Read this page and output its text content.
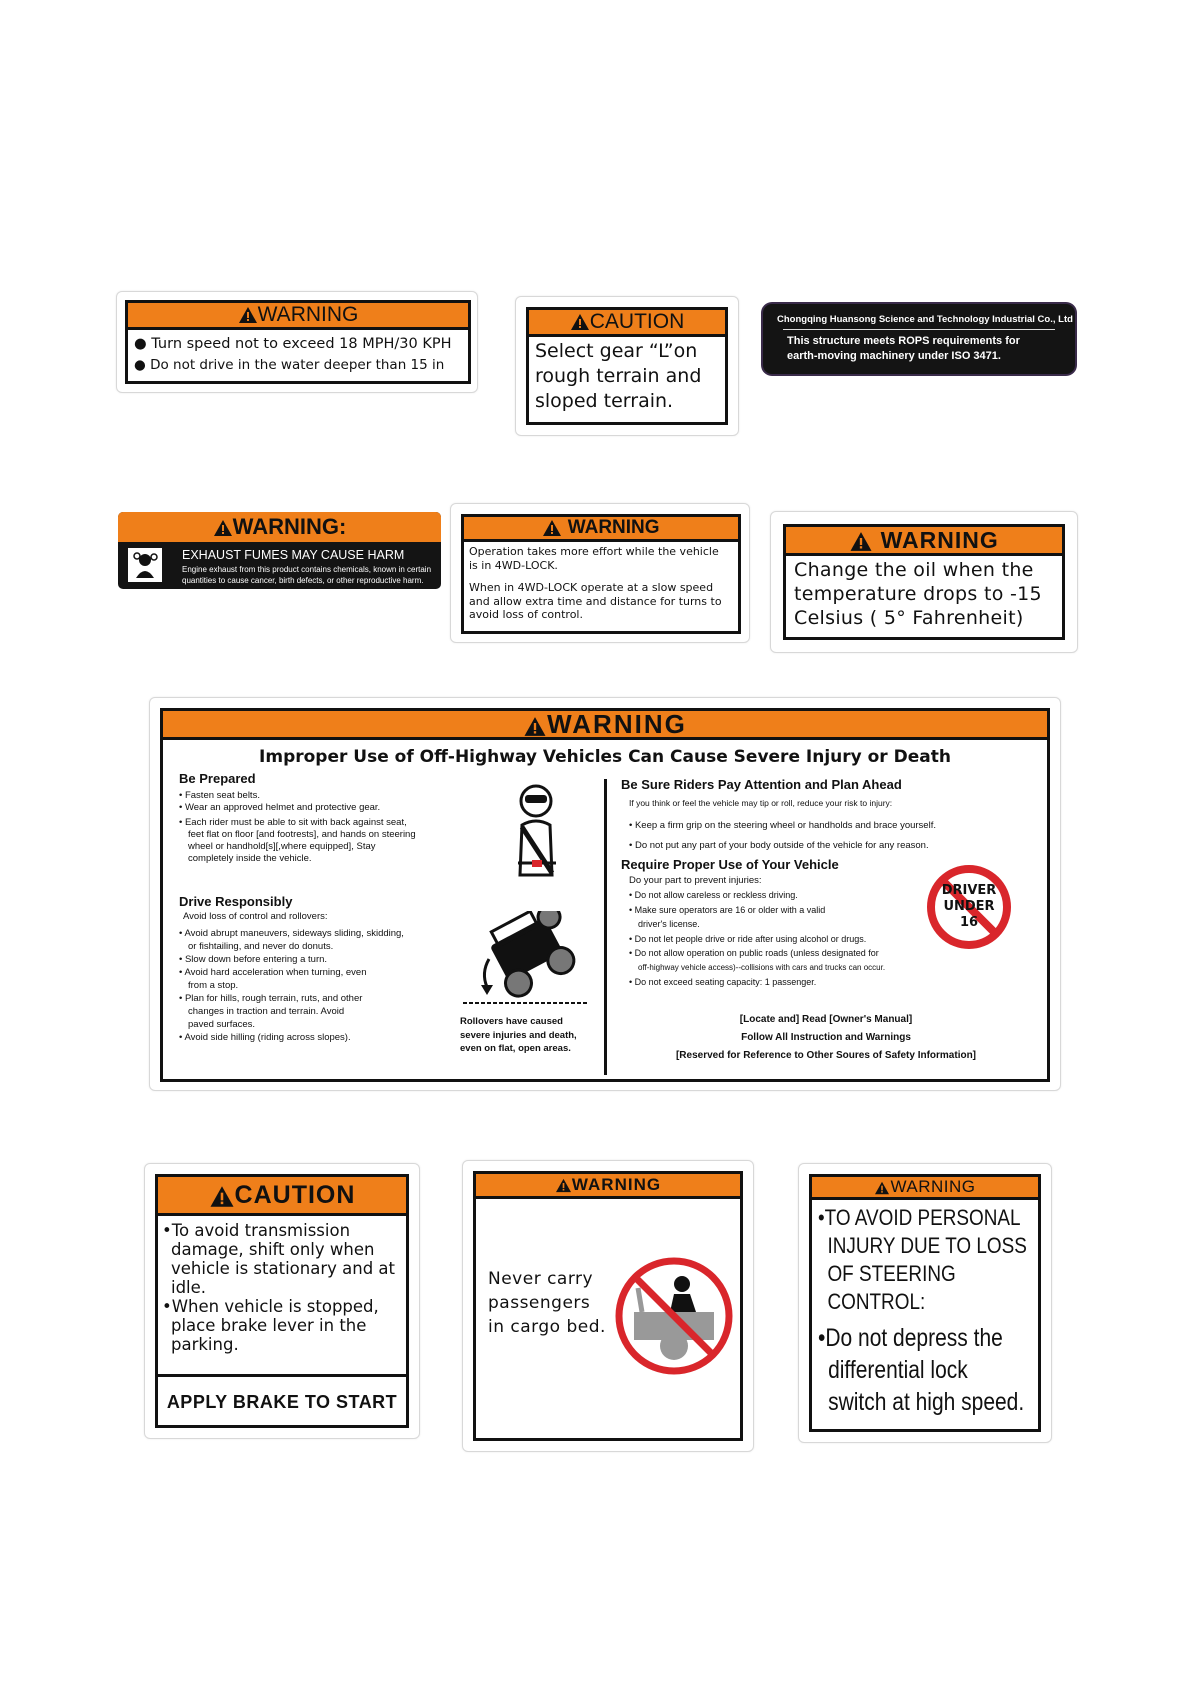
WARNING
● Turn speed not to exceed 18 MPH/30 KPH
● Do not drive in the water deeper than 15 in
CAUTION
Select gear “L”on
rough terrain and
sloped terrain.
Chongqing Huansong Science and Technology Industrial Co., Ltd
This structure meets ROPS requirements for
earth-moving machinery under ISO 3471.
WARNING:
EXHAUST FUMES MAY CAUSE HARM
Engine exhaust from this product contains chemicals, known in certain
quantities to cause cancer, birth defects, or other reproductive harm.
WARNING
Operation takes more effort while the vehicle
is in 4WD-LOCK.
When in 4WD-LOCK operate at a slow speed
and allow extra time and distance for turns to
avoid loss of control.
WARNING
Change the oil when the
temperature drops to -15
Celsius ( 5° Fahrenheit)
WARNING
Improper Use of Off-Highway Vehicles Can Cause Severe Injury or Death
Be Prepared
• Fasten seat belts.
• Wear an approved helmet and protective gear.
• Each rider must be able to sit with back against seat,
feet flat on floor [and footrests], and hands on steering
wheel or handhold[s][,where equipped], Stay
completely inside the vehicle.
Drive Responsibly
Avoid loss of control and rollovers:
• Avoid abrupt maneuvers, sideways sliding, skidding,
or fishtailing, and never do donuts.
• Slow down before entering a turn.
• Avoid hard acceleration when turning, even
from a stop.
• Plan for hills, rough terrain, ruts, and other
changes in traction and terrain. Avoid
paved surfaces.
• Avoid side hilling (riding across slopes).
Rollovers have caused
severe injuries and death,
even on flat, open areas.
Be Sure Riders Pay Attention and Plan Ahead
If you think or feel the vehicle may tip or roll, reduce your risk to injury:
• Keep a firm grip on the steering wheel or handholds and brace yourself.
• Do not put any part of your body outside of the vehicle for any reason.
Require Proper Use of Your Vehicle
Do your part to prevent injuries:
• Do not allow careless or reckless driving.
• Make sure operators are 16 or older with a valid
driver's license.
• Do not let people drive or ride after using alcohol or drugs.
• Do not allow operation on public roads (unless designated for
off-highway vehicle access)--collisions with cars and trucks can occur.
• Do not exceed seating capacity: 1 passenger.
DRIVER
UNDER
16
[Locate and] Read [Owner's Manual]
Follow All Instruction and Warnings
[Reserved for Reference to Other Soures of Safety Information]
CAUTION
•To avoid transmission
damage, shift only when
vehicle is stationary and at
idle.
•When vehicle is stopped,
place brake lever in the
parking.
APPLY BRAKE TO START
WARNING
Never carry
passengers
in cargo bed.
WARNING
•TO AVOID PERSONAL
INJURY DUE TO LOSS
OF STEERING
CONTROL:
•Do not depress the
differential lock
switch at high speed.
